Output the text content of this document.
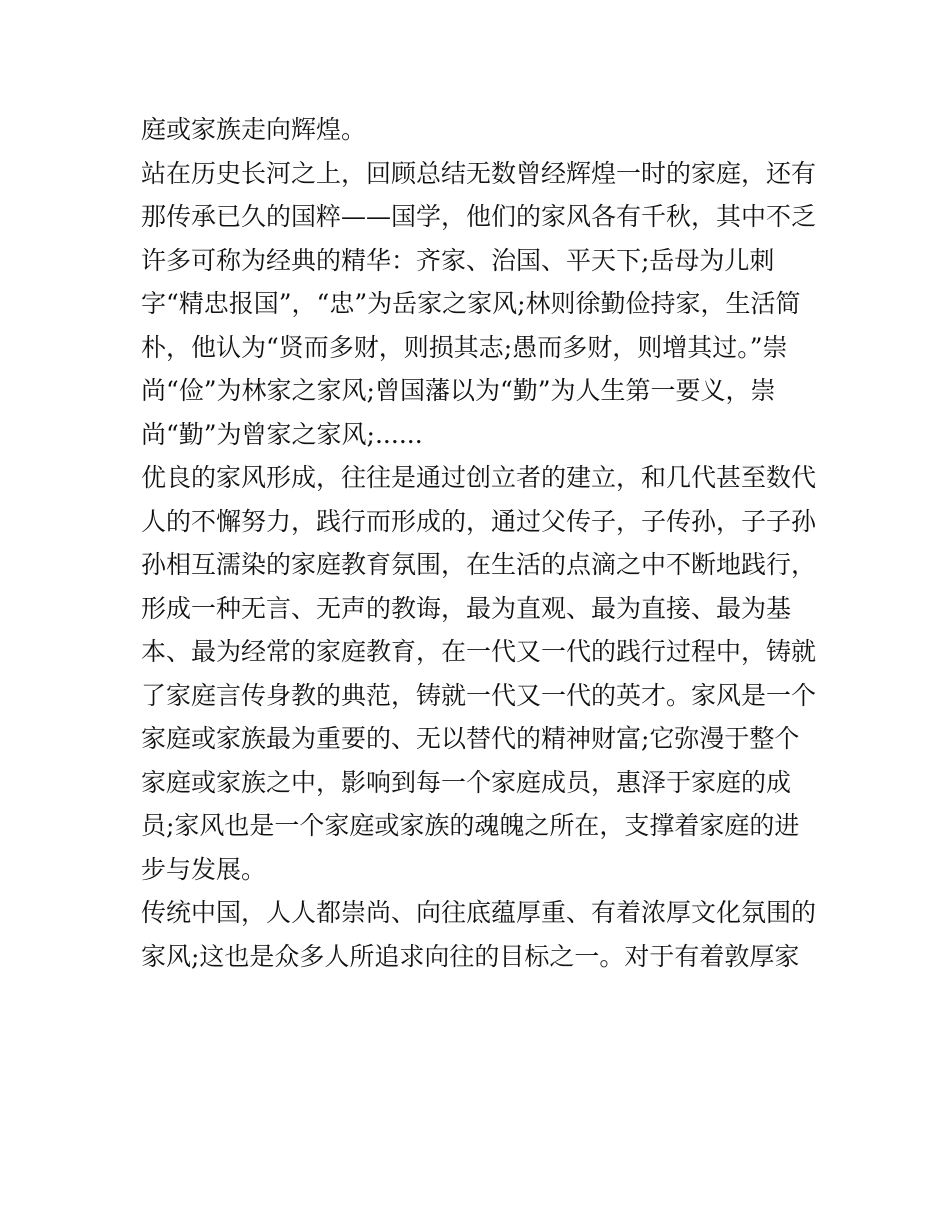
庭或家族走向辉煌。
站在历史长河之上，回顾总结无数曾经辉煌一时的家庭，还有
那传承已久的国粹——国学，他们的家风各有千秋，其中不乏
许多可称为经典的精华：齐家、治国、平天下;岳母为儿刺
字“精忠报国”，“忠”为岳家之家风;林则徐勤俭持家，生活简
朴，他认为“贤而多财，则损其志;愚而多财，则增其过。”崇
尚“俭”为林家之家风;曾国藩以为“勤”为人生第一要义，崇
尚“勤”为曾家之家风;......
优良的家风形成，往往是通过创立者的建立，和几代甚至数代
人的不懈努力，践行而形成的，通过父传子，子传孙，子子孙
孙相互濡染的家庭教育氛围，在生活的点滴之中不断地践行，
形成一种无言、无声的教诲，最为直观、最为直接、最为基
本、最为经常的家庭教育，在一代又一代的践行过程中，铸就
了家庭言传身教的典范，铸就一代又一代的英才。家风是一个
家庭或家族最为重要的、无以替代的精神财富;它弥漫于整个
家庭或家族之中，影响到每一个家庭成员，惠泽于家庭的成
员;家风也是一个家庭或家族的魂魄之所在，支撑着家庭的进
步与发展。
传统中国，人人都崇尚、向往底蕴厚重、有着浓厚文化氛围的
家风;这也是众多人所追求向往的目标之一。对于有着敦厚家
